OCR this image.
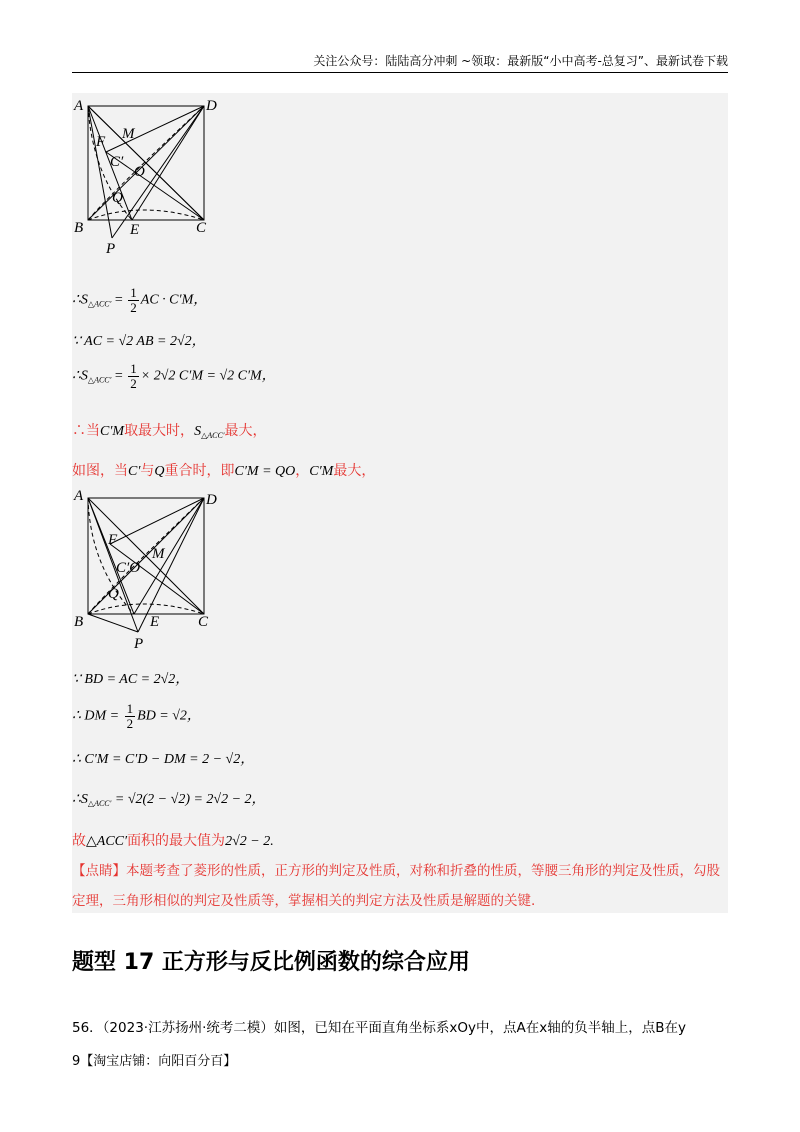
关注公众号：陆陆高分冲刺 ~领取：最新版“小中高考-总复习”、最新试卷下载
A	D
B	C
F M
C′
O
Q
E
P
$\therefore S_{\triangle ACC'} = \frac{1}{2}$ AC · C′M，
∵ AC = √2 AB = 2√2，
$\therefore S_{\triangle ACC'} = \frac{1}{2} \times 2√2$ C′M = √2 C′M，
∴当C′M取最大时，$S_{\triangle ACC'}$最大，
如图，当C′与Q重合时，即C′M = QO，C′M最大，
A	D
B	C
F
M
C′O
Q
E
P
∵ BD = AC = 2√2，
∴ DM = $\frac{1}{2}$ BD = √2，
∴ C′M = C′D − DM = 2 − √2，
$\therefore S_{\triangle ACC'} = √2(2 - √2) = 2√2 - 2$，
故△ACC′面积的最大值为2√2 − 2.
【点睛】本题考查了菱形的性质，正方形的判定及性质，对称和折叠的性质，等腰三角形的判定及性质，勾股定理，三角形相似的判定及性质等，掌握相关的判定方法及性质是解题的关键.
题型 17 正方形与反比例函数的综合应用
56．（2023·江苏扬州·统考二模）如图，已知在平面直角坐标系xOy中，点A在x轴的负半轴上，点B在y
9【淘宝店铺：向阳百分百】
